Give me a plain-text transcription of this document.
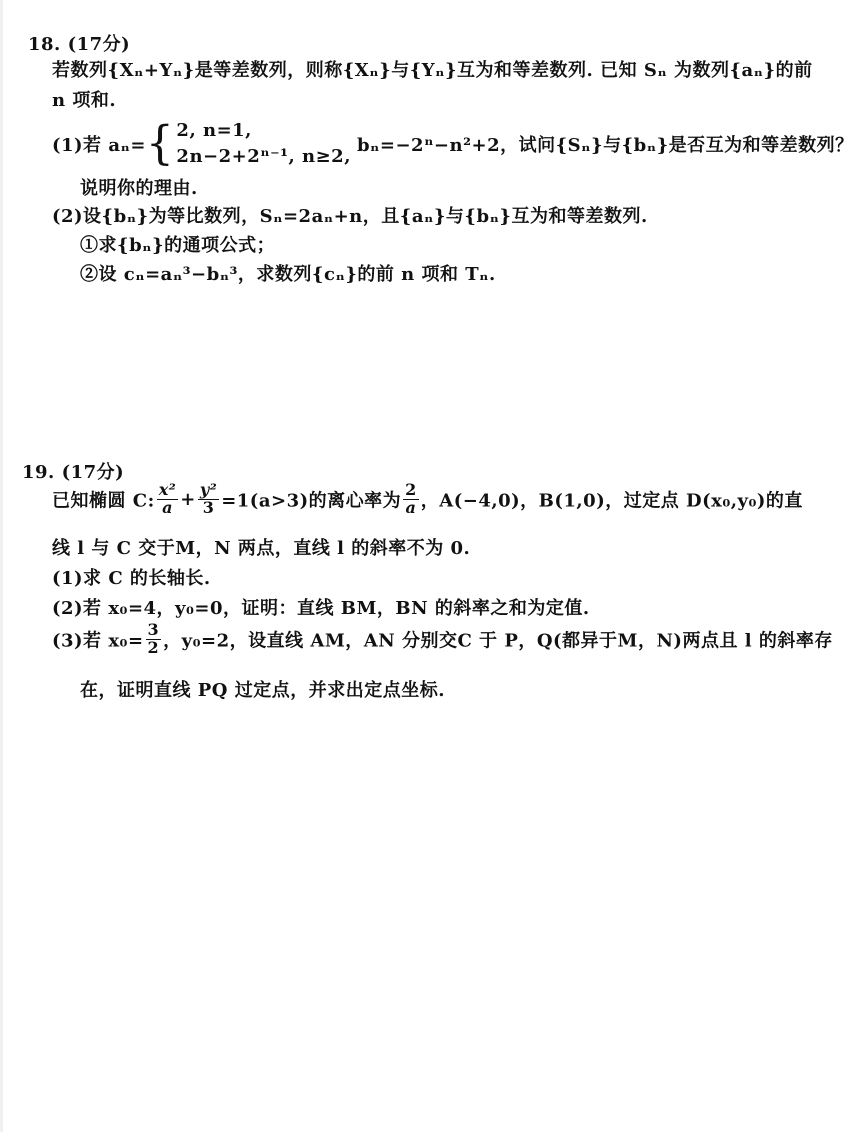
18. (17分)
若数列{Xₙ+Yₙ}是等差数列，则称{Xₙ}与{Yₙ}互为和等差数列. 已知 Sₙ 为数列{aₙ}的前
n 项和.
(1)若 aₙ={ 2, n=1,
2n−2+2ⁿ⁻¹, n≥2,
bₙ=−2ⁿ−n²+2，试问{Sₙ}与{bₙ}是否互为和等差数列？
说明你的理由.
(2)设{bₙ}为等比数列，Sₙ=2aₙ+n，且{aₙ}与{bₙ}互为和等差数列.
①求{bₙ}的通项公式；
②设 cₙ=aₙ³−bₙ³，求数列{cₙ}的前 n 项和 Tₙ.
19. (17分)
已知椭圆 C: $\frac{\text{x²}}{a} + \frac{\text{y²}}{3} =1(a>3)$的离心率为 $\frac{2}{a}$ ，A(−4,0)，B(1,0)，过定点 D(x₀,y₀)的直
线 l 与 C 交于M，N 两点，直线 l 的斜率不为 0.
(1)求 C 的长轴长.
(2)若 x₀=4，y₀=0，证明：直线 BM，BN 的斜率之和为定值.
(3)若 $x_0= \frac{3}{2}$ ，y₀=2，设直线 AM，AN 分别交C 于 P，Q(都异于M，N)两点且 l 的斜率存
在，证明直线 PQ 过定点，并求出定点坐标.
